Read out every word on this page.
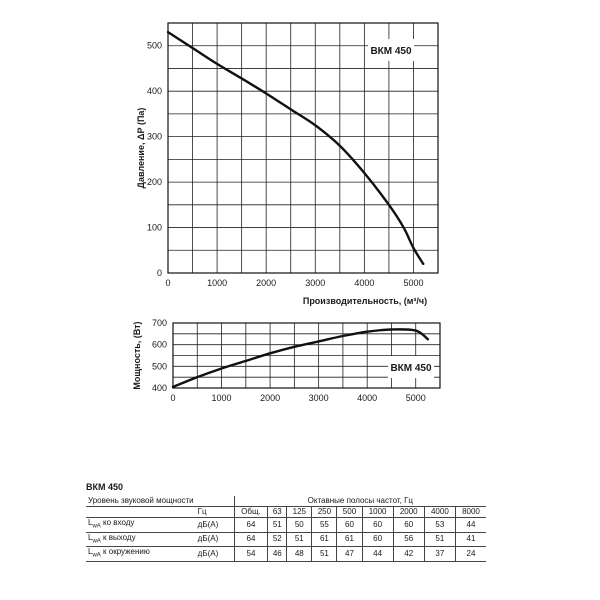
0
100
200
300
400
500
0	1000	2000	3000	4000	5000
Давление, ΔР (Па)
Производительность, (м³/ч)
ВКМ 450
400
500
600
700
0	1000	2000	3000	4000	5000
Мощность, (Вт)	ВКМ 450
ВКМ 450
Уровень звуковой мощности		Октавные полосы частот, Гц								
	Гц	Общ.	63	125	250	500	1000	2000	4000	8000
$L_{wA}$ ко входу	дБ(А)	64	51	50	55	60	60	60	53	44
$L_{wA}$ к выходу	дБ(А)	64	52	51	61	61	60	56	51	41
$L_{wA}$ к окружению	дБ(А)	54	46	48	51	47	44	42	37	24
